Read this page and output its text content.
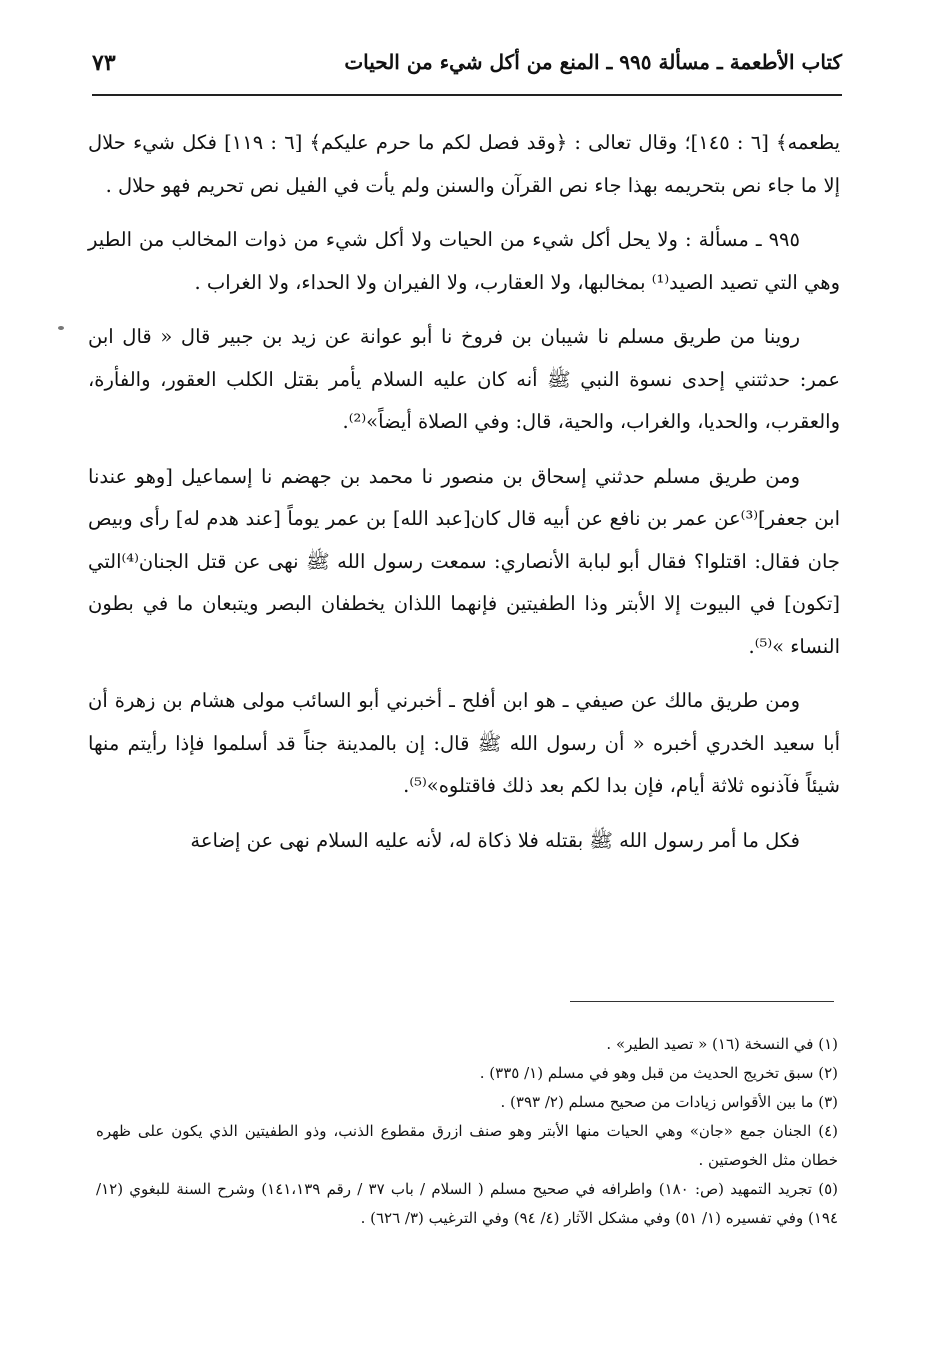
٧٣	كتاب الأطعمة ـ مسألة ٩٩٥ ـ المنع من أكل شيء من الحيات

يطعمه﴾ [٦ : ١٤٥]؛ وقال تعالى : ﴿وقد فصل لكم ما حرم عليكم﴾ [٦ : ١١٩] فكل شيء حلال إلا ما جاء نص بتحريمه بهذا جاء نص القرآن والسنن ولم يأت في الفيل نص تحريم فهو حلال .

٩٩٥ ـ مسألة : ولا يحل أكل شيء من الحيات ولا أكل شيء من ذوات المخالب من الطير وهي التي تصيد الصيد⁽¹⁾ بمخالبها، ولا العقارب، ولا الفيران ولا الحداء، ولا الغراب .

روينا من طريق مسلم نا شيبان بن فروخ نا أبو عوانة عن زيد بن جبير قال « قال ابن عمر: حدثتني إحدى نسوة النبي ﷺ أنه كان عليه السلام يأمر بقتل الكلب العقور، والفأرة، والعقرب، والحديا، والغراب، والحية، قال: وفي الصلاة أيضاً»⁽²⁾.

ومن طريق مسلم حدثني إسحاق بن منصور نا محمد بن جهضم نا إسماعيل [وهو عندنا ابن جعفر]⁽³⁾عن عمر بن نافع عن أبيه قال كان[عبد الله] بن عمر يوماً [عند هدم له] رأى وبيص جان فقال: اقتلوا؟ فقال أبو لبابة الأنصاري: سمعت رسول الله ﷺ نهى عن قتل الجنان⁽⁴⁾التي [تكون] في البيوت إلا الأبتر وذا الطفيتين فإنهما اللذان يخطفان البصر ويتبعان ما في بطون النساء »⁽⁵⁾.

ومن طريق مالك عن صيفي ـ هو ابن أفلح ـ أخبرني أبو السائب مولى هشام بن زهرة أن أبا سعيد الخدري أخبره « أن رسول الله ﷺ قال: إن بالمدينة جناً قد أسلموا فإذا رأيتم منها شيئاً فآذنوه ثلاثة أيام، فإن بدا لكم بعد ذلك فاقتلوه»⁽⁵⁾.

فكل ما أمر رسول الله ﷺ بقتله فلا ذكاة له، لأنه عليه السلام نهى عن إضاعة

(١) في النسخة (١٦) « تصيد الطير» .

(٢) سبق تخريج الحديث من قبل وهو في مسلم (١/ ٣٣٥) .

(٣) ما بين الأقواس زيادات من صحيح مسلم (٢/ ٣٩٣) .

(٤) الجنان جمع «جان» وهي الحيات منها الأبتر وهو صنف ازرق مقطوع الذنب، وذو الطفيتين الذي يكون على ظهره خطان مثل الخوصتين .

(٥) تجريد التمهيد (ص: ١٨٠) واطرافه في صحيح مسلم ( السلام / باب ٣٧ / رقم ١٤١،١٣٩) وشرح السنة للبغوي (١٢/ ١٩٤) وفي تفسيره (١/ ٥١) وفي مشكل الآثار (٤/ ٩٤) وفي الترغيب (٣/ ٦٢٦) .
